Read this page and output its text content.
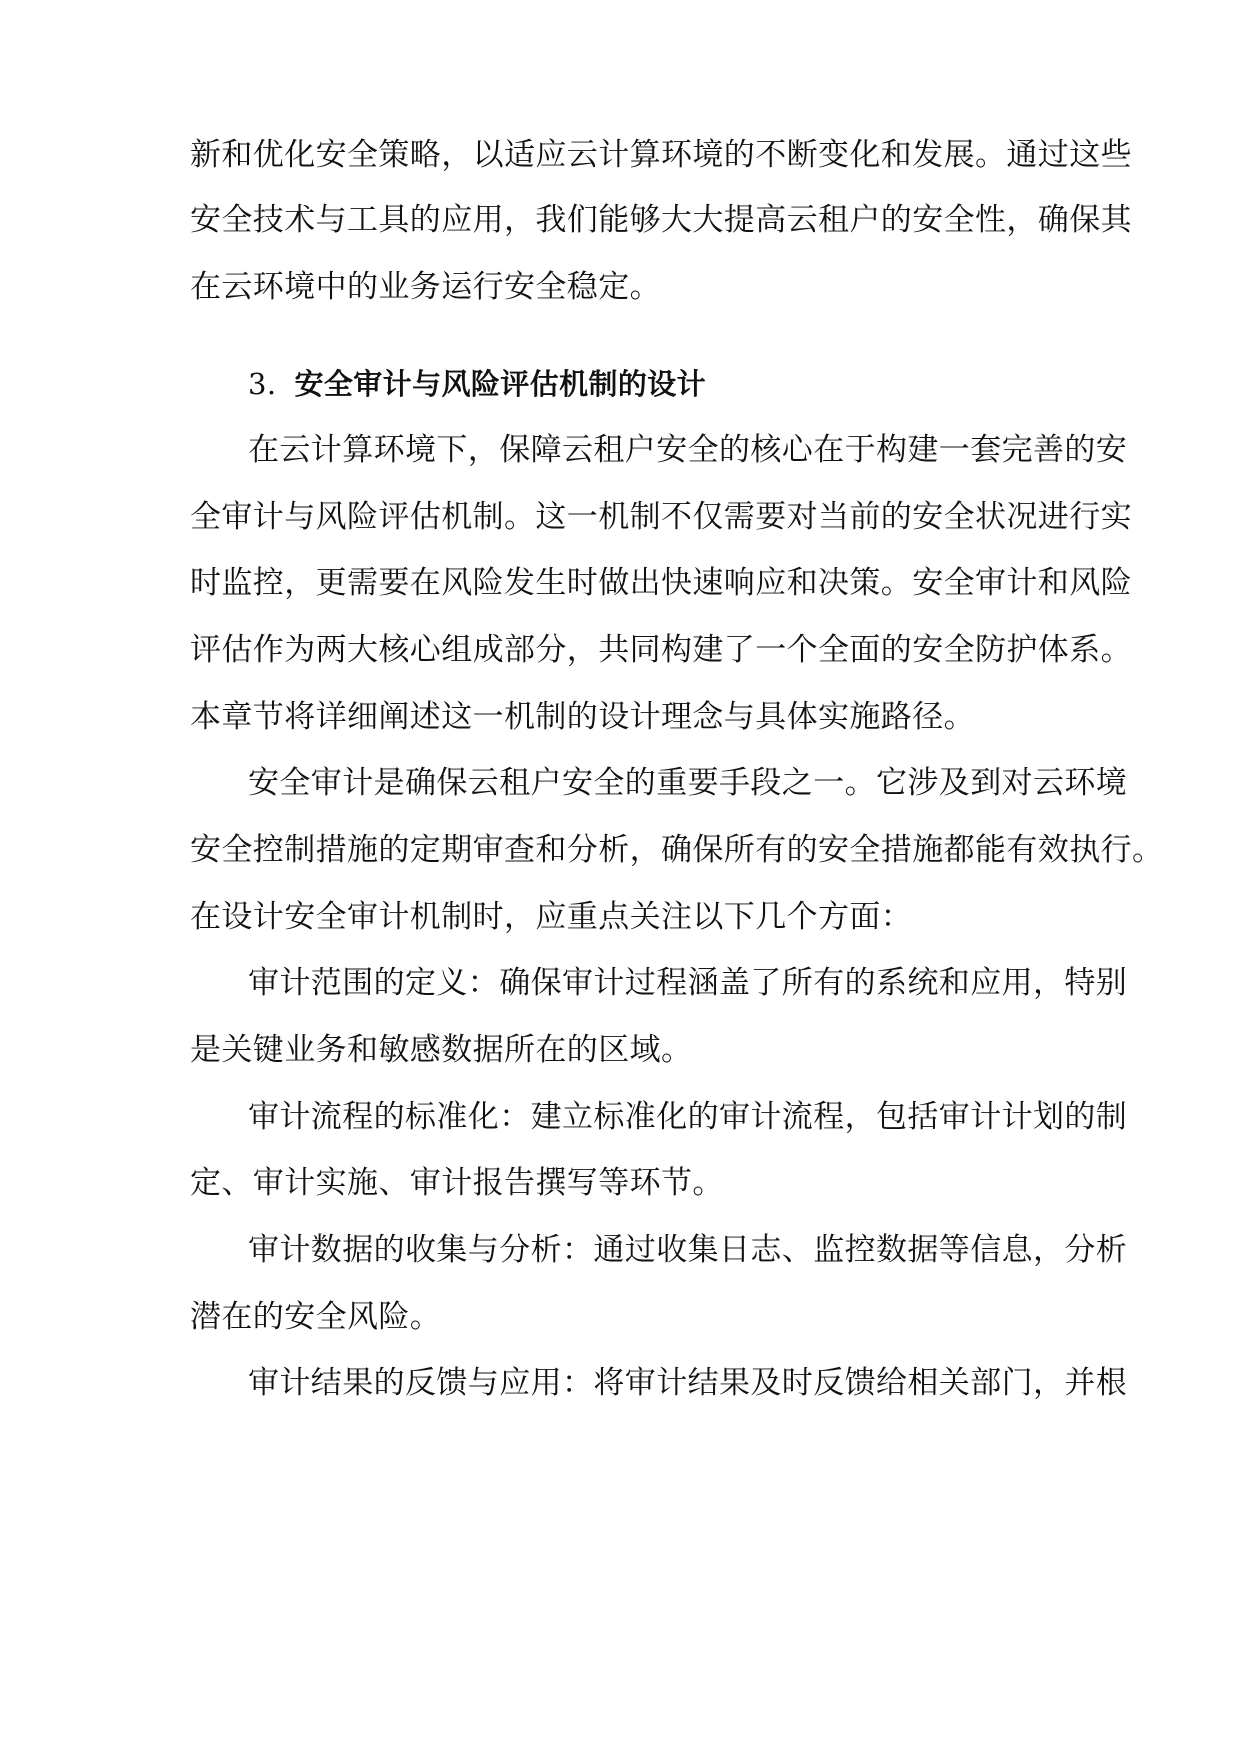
新和优化安全策略，以适应云计算环境的不断变化和发展。通过这些
安全技术与工具的应用，我们能够大大提高云租户的安全性，确保其
在云环境中的业务运行安全稳定。
3. 安全审计与风险评估机制的设计
在云计算环境下，保障云租户安全的核心在于构建一套完善的安
全审计与风险评估机制。这一机制不仅需要对当前的安全状况进行实
时监控，更需要在风险发生时做出快速响应和决策。安全审计和风险
评估作为两大核心组成部分，共同构建了一个全面的安全防护体系。
本章节将详细阐述这一机制的设计理念与具体实施路径。
安全审计是确保云租户安全的重要手段之一。它涉及到对云环境
安全控制措施的定期审查和分析，确保所有的安全措施都能有效执行。
在设计安全审计机制时，应重点关注以下几个方面：
审计范围的定义：确保审计过程涵盖了所有的系统和应用，特别
是关键业务和敏感数据所在的区域。
审计流程的标准化：建立标准化的审计流程，包括审计计划的制
定、审计实施、审计报告撰写等环节。
审计数据的收集与分析：通过收集日志、监控数据等信息，分析
潜在的安全风险。
审计结果的反馈与应用：将审计结果及时反馈给相关部门，并根
